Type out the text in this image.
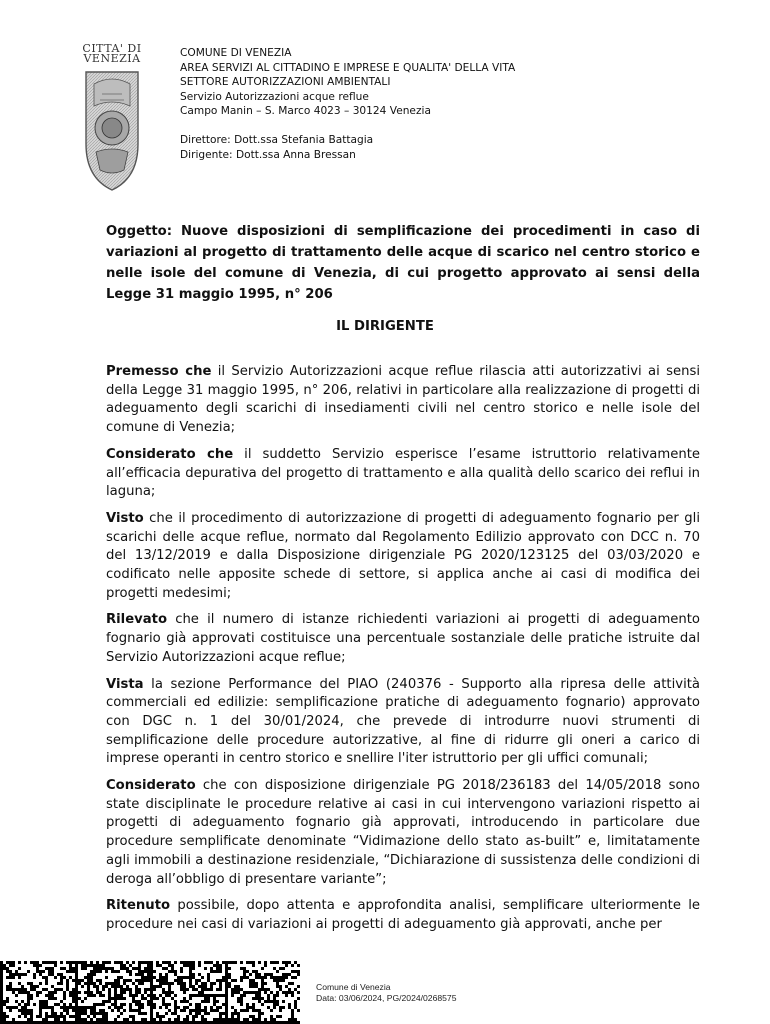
CITTA' DI
VENEZIA	COMUNE DI VENEZIA
AREA SERVIZI AL CITTADINO E IMPRESE E QUALITA' DELLA VITA
SETTORE AUTORIZZAZIONI AMBIENTALI
Servizio Autorizzazioni acque reflue
Campo Manin – S. Marco 4023 – 30124 Venezia
Direttore: Dott.ssa Stefania Battagia
Dirigente: Dott.ssa Anna Bressan
Oggetto: Nuove disposizioni di semplificazione dei procedimenti in caso di variazioni al progetto di trattamento delle acque di scarico nel centro storico e nelle isole del comune di Venezia, di cui progetto approvato ai sensi della Legge 31 maggio 1995, n° 206
IL DIRIGENTE

Premesso che il Servizio Autorizzazioni acque reflue rilascia atti autorizzativi ai sensi della Legge 31 maggio 1995, n° 206, relativi in particolare alla realizzazione di progetti di adeguamento degli scarichi di insediamenti civili nel centro storico e nelle isole del comune di Venezia;

Considerato che il suddetto Servizio esperisce l’esame istruttorio relativamente all’efficacia depurativa del progetto di trattamento e alla qualità dello scarico dei reflui in laguna;

Visto che il procedimento di autorizzazione di progetti di adeguamento fognario per gli scarichi delle acque reflue, normato dal Regolamento Edilizio approvato con DCC n. 70 del 13/12/2019 e dalla Disposizione dirigenziale PG 2020/123125 del 03/03/2020 e codificato nelle apposite schede di settore, si applica anche ai casi di modifica dei progetti medesimi;

Rilevato che il numero di istanze richiedenti variazioni ai progetti di adeguamento fognario già approvati costituisce una percentuale sostanziale delle pratiche istruite dal Servizio Autorizzazioni acque reflue;

Vista la sezione Performance del PIAO (240376 - Supporto alla ripresa delle attività commerciali ed edilizie: semplificazione pratiche di adeguamento fognario) approvato con DGC n. 1 del 30/01/2024, che prevede di introdurre nuovi strumenti di semplificazione delle procedure autorizzative, al fine di ridurre gli oneri a carico di imprese operanti in centro storico e snellire l'iter istruttorio per gli uffici comunali;

Considerato che con disposizione dirigenziale PG 2018/236183 del 14/05/2018 sono state disciplinate le procedure relative ai casi in cui intervengono variazioni rispetto ai progetti di adeguamento fognario già approvati, introducendo in particolare due procedure semplificate denominate “Vidimazione dello stato as-built” e, limitatamente agli immobili a destinazione residenziale, “Dichiarazione di sussistenza delle condizioni di deroga all’obbligo di presentare variante”;

Ritenuto possibile, dopo attenta e approfondita analisi, semplificare ulteriormente le procedure nei casi di variazioni ai progetti di adeguamento già approvati, anche per

Comune di Venezia
Data: 03/06/2024, PG/2024/0268575
